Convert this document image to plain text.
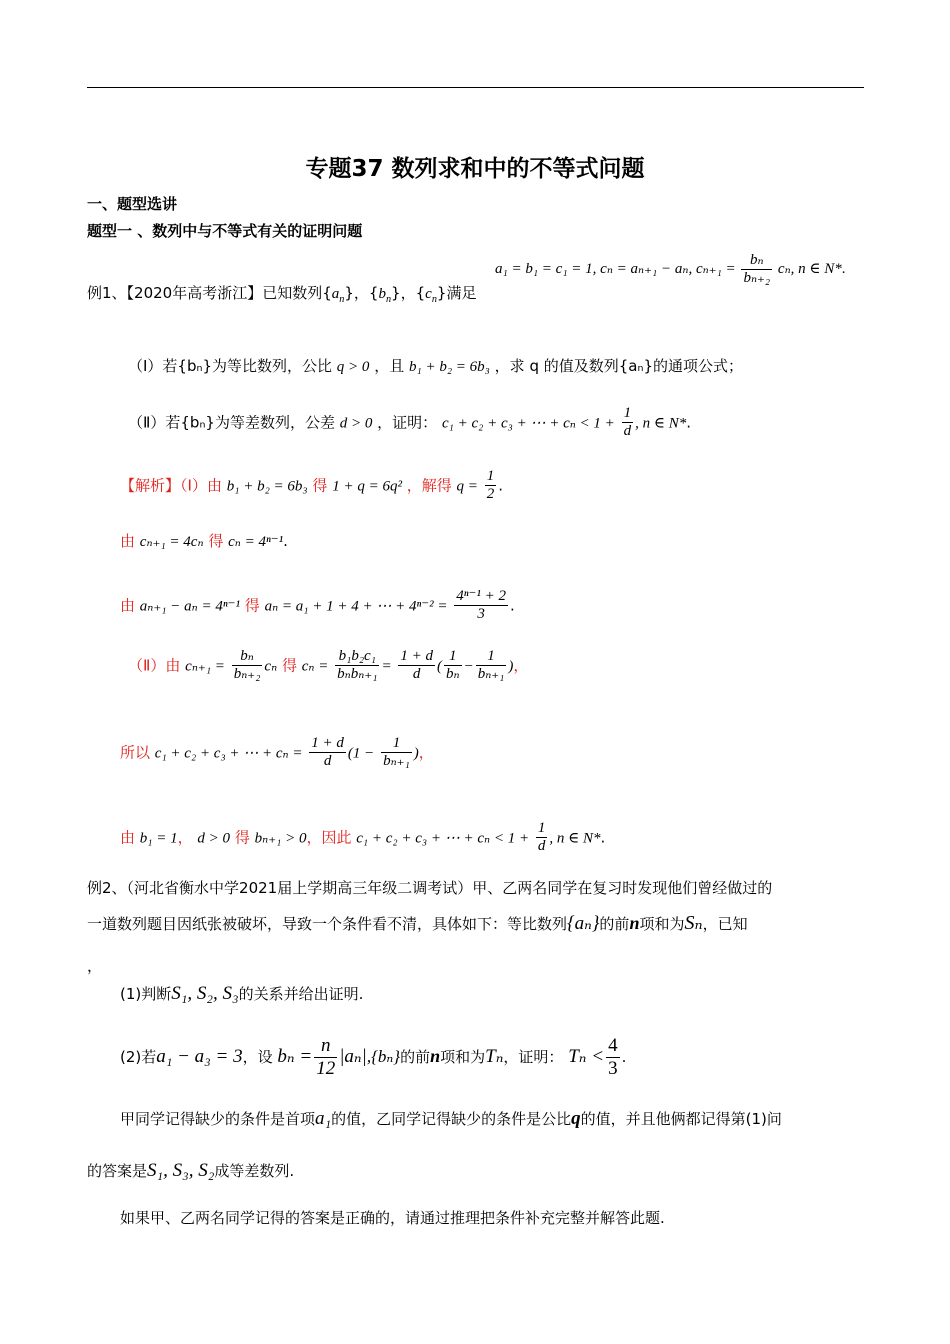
专题37 数列求和中的不等式问题
一、题型选讲
题型一 、数列中与不等式有关的证明问题
例1、【2020年高考浙江】已知数列$\{a_n\}$，$\{b_n\}$，$\{c_n\}$满足
a₁ = b₁ = c₁ = 1, cₙ = aₙ₊₁ − aₙ, $c_{n+1} = \frac{\text{bₙ}}{\text{bₙ₊₂}} c_n$, n ∈ N*.
（Ⅰ）若{bₙ}为等比数列，公比 q > 0 ，且 b₁ + b₂ = 6b₃ ，求 q 的值及数列{aₙ}的通项公式；
（Ⅱ）若{bₙ}为等差数列，公差 d > 0 ，证明： c₁ + c₂ + c₃ + ⋯ + $c_n < 1 + \frac{1}{d}$ , n ∈ N*.
【解析】（Ⅰ）由 b₁ + b₂ = 6b₃ 得 1 + q = 6q² ，解得 $q = \frac{1}{2}$ .
由 cₙ₊₁ = 4cₙ 得 cₙ = 4ⁿ⁻¹.
由 aₙ₊₁ − aₙ = 4ⁿ⁻¹ 得 aₙ = a₁ + 1 + 4 + ⋯ + $4^{n-2} = \frac{\text{4ⁿ⁻¹ + 2}}{3}$ .
（Ⅱ）由 $c_{n+1} = \frac{\text{bₙ}}{\text{bₙ₊₂}}$ cₙ 得 $c_n = \frac{\text{b₁b₂c₁}}{\text{bₙbₙ₊₁}} = \frac{1 + d}{d}$ ( $\frac{1}{\text{bₙ}} - \frac{1}{\text{bₙ₊₁}}$ )，
所以 c₁ + c₂ + c₃ + ⋯ + $c_n = \frac{1 + d}{d} (1 - \frac{1}{\text{bₙ₊₁}}$ )，
由 b₁ = 1， d > 0 得 bₙ₊₁ > 0，因此 c₁ + c₂ + c₃ + ⋯ + $c_n < 1 + \frac{1}{d}$ , n ∈ N*.
例2、（河北省衡水中学2021届上学期高三年级二调考试）甲、乙两名同学在复习时发现他们曾经做过的
一道数列题目因纸张被破坏，导致一个条件看不清，具体如下：等比数列{aₙ}的前n项和为Sₙ，已知
，
(1)判断S₁, S₂, S₃的关系并给出证明.
(2)若a₁ − a₃ = 3，设 $b_n = \frac{n}{12} |a_n|,\{b_n\}$的前n项和为Tₙ，证明： $T_n < \frac{4}{3}$ .
甲同学记得缺少的条件是首项a₁的值，乙同学记得缺少的条件是公比q的值，并且他俩都记得第(1)问
的答案是S₁, S₃, S₂成等差数列.
如果甲、乙两名同学记得的答案是正确的，请通过推理把条件补充完整并解答此题.
